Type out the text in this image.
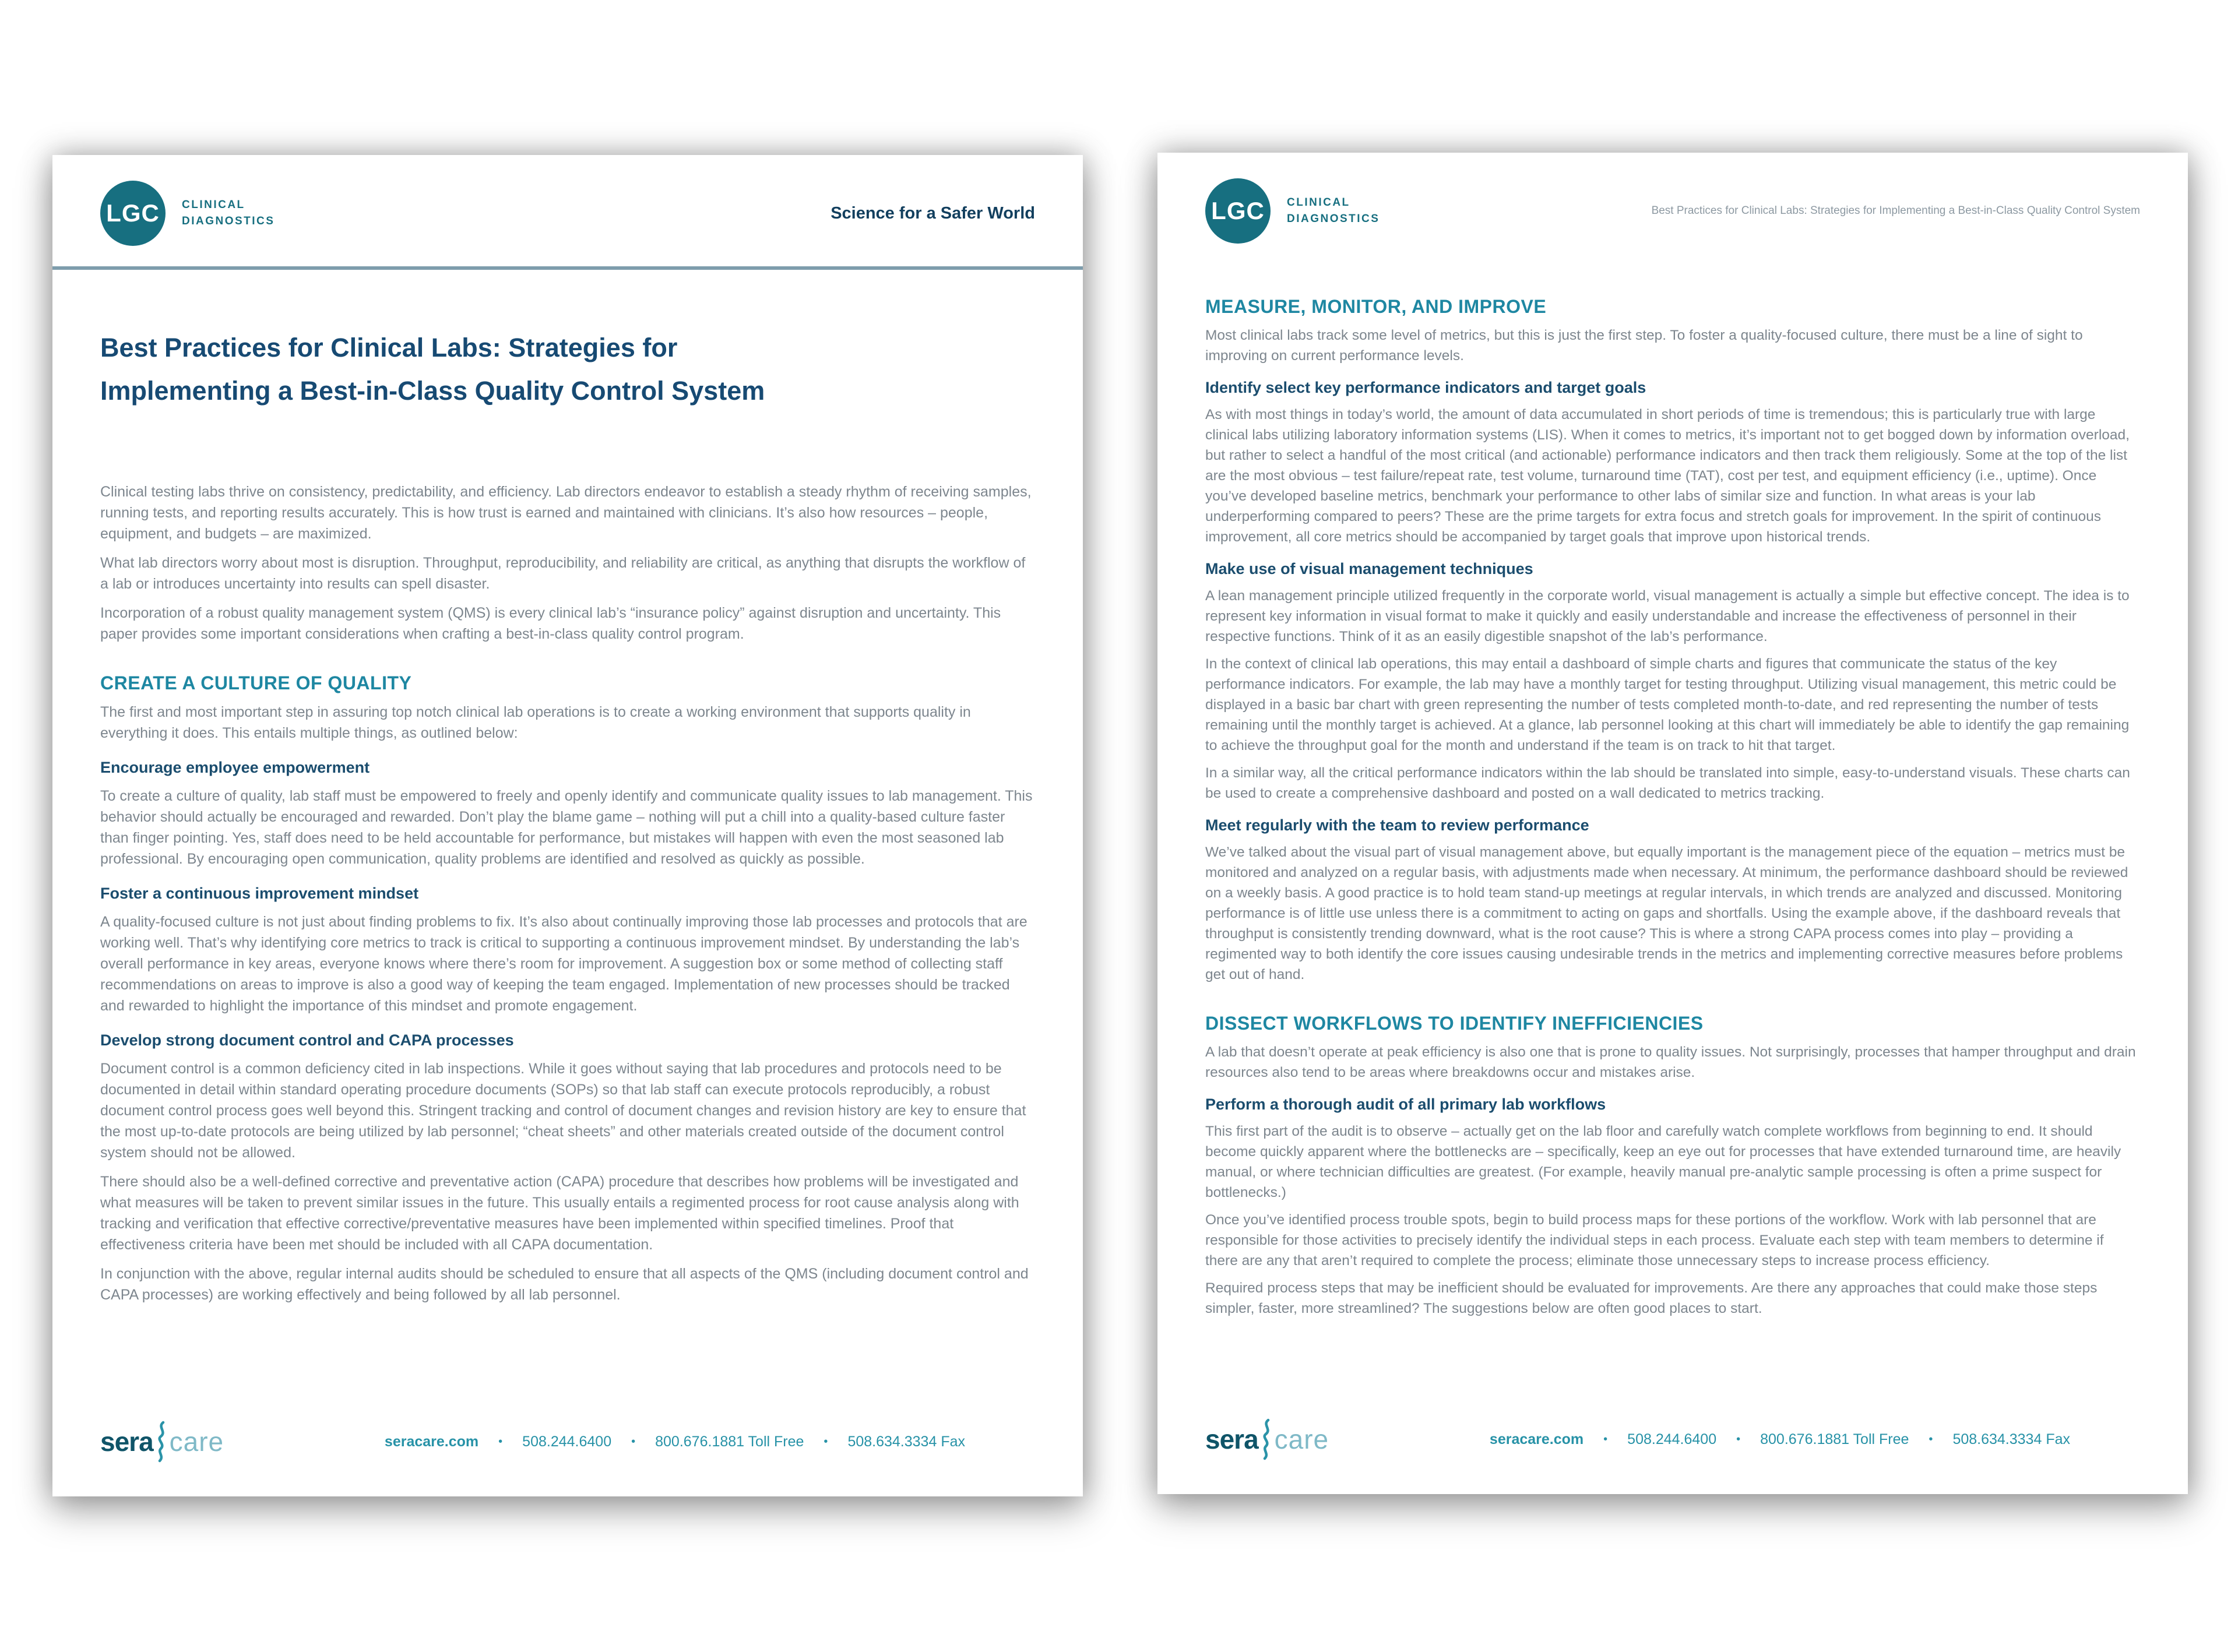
LGC CLINICAL
DIAGNOSTICS	Science for a Safer World
Best Practices for Clinical Labs: Strategies for
Implementing a Best-in-Class Quality Control System

Clinical testing labs thrive on consistency, predictability, and efficiency. Lab directors endeavor to establish a steady rhythm of receiving samples, running tests, and reporting results accurately. This is how trust is earned and maintained with clinicians. It’s also how resources – people, equipment, and budgets – are maximized.

What lab directors worry about most is disruption. Throughput, reproducibility, and reliability are critical, as anything that disrupts the workflow of a lab or introduces uncertainty into results can spell disaster.

Incorporation of a robust quality management system (QMS) is every clinical lab’s “insurance policy” against disruption and uncertainty. This paper provides some important considerations when crafting a best-in-class quality control program.

CREATE A CULTURE OF QUALITY

The first and most important step in assuring top notch clinical lab operations is to create a working environment that supports quality in everything it does. This entails multiple things, as outlined below:

Encourage employee empowerment

To create a culture of quality, lab staff must be empowered to freely and openly identify and communicate quality issues to lab management. This behavior should actually be encouraged and rewarded. Don’t play the blame game – nothing will put a chill into a quality-based culture faster than finger pointing. Yes, staff does need to be held accountable for performance, but mistakes will happen with even the most seasoned lab professional. By encouraging open communication, quality problems are identified and resolved as quickly as possible.

Foster a continuous improvement mindset

A quality-focused culture is not just about finding problems to fix. It’s also about continually improving those lab processes and protocols that are working well. That’s why identifying core metrics to track is critical to supporting a continuous improvement mindset. By understanding the lab’s overall performance in key areas, everyone knows where there’s room for improvement. A suggestion box or some method of collecting staff recommendations on areas to improve is also a good way of keeping the team engaged. Implementation of new processes should be tracked and rewarded to highlight the importance of this mindset and promote engagement.

Develop strong document control and CAPA processes

Document control is a common deficiency cited in lab inspections. While it goes without saying that lab procedures and protocols need to be documented in detail within standard operating procedure documents (SOPs) so that lab staff can execute protocols reproducibly, a robust document control process goes well beyond this. Stringent tracking and control of document changes and revision history are key to ensure that the most up-to-date protocols are being utilized by lab personnel; “cheat sheets” and other materials created outside of the document control system should not be allowed.

There should also be a well-defined corrective and preventative action (CAPA) procedure that describes how problems will be investigated and what measures will be taken to prevent similar issues in the future. This usually entails a regimented process for root cause analysis along with tracking and verification that effective corrective/preventative measures have been implemented within specified timelines. Proof that effectiveness criteria have been met should be included with all CAPA documentation.

In conjunction with the above, regular internal audits should be scheduled to ensure that all aspects of the QMS (including document control and CAPA processes) are working effectively and being followed by all lab personnel.

sera care	seracare.com • 508.244.6400 • 800.676.1881 Toll Free • 508.634.3334 Fax
LGC CLINICAL
DIAGNOSTICS
Best Practices for Clinical Labs: Strategies for Implementing a Best-in-Class Quality Control System
MEASURE, MONITOR, AND IMPROVE

Most clinical labs track some level of metrics, but this is just the first step. To foster a quality-focused culture, there must be a line of sight to improving on current performance levels.

Identify select key performance indicators and target goals

As with most things in today’s world, the amount of data accumulated in short periods of time is tremendous; this is particularly true with large clinical labs utilizing laboratory information systems (LIS). When it comes to metrics, it’s important not to get bogged down by information overload, but rather to select a handful of the most critical (and actionable) performance indicators and then track them religiously. Some at the top of the list are the most obvious – test failure/repeat rate, test volume, turnaround time (TAT), cost per test, and equipment efficiency (i.e., uptime). Once you’ve developed baseline metrics, benchmark your performance to other labs of similar size and function. In what areas is your lab underperforming compared to peers? These are the prime targets for extra focus and stretch goals for improvement. In the spirit of continuous improvement, all core metrics should be accompanied by target goals that improve upon historical trends.

Make use of visual management techniques

A lean management principle utilized frequently in the corporate world, visual management is actually a simple but effective concept. The idea is to represent key information in visual format to make it quickly and easily understandable and increase the effectiveness of personnel in their respective functions. Think of it as an easily digestible snapshot of the lab’s performance.

In the context of clinical lab operations, this may entail a dashboard of simple charts and figures that communicate the status of the key performance indicators. For example, the lab may have a monthly target for testing throughput. Utilizing visual management, this metric could be displayed in a basic bar chart with green representing the number of tests completed month-to-date, and red representing the number of tests remaining until the monthly target is achieved. At a glance, lab personnel looking at this chart will immediately be able to identify the gap remaining to achieve the throughput goal for the month and understand if the team is on track to hit that target.

In a similar way, all the critical performance indicators within the lab should be translated into simple, easy-to-understand visuals. These charts can be used to create a comprehensive dashboard and posted on a wall dedicated to metrics tracking.

Meet regularly with the team to review performance

We’ve talked about the visual part of visual management above, but equally important is the management piece of the equation – metrics must be monitored and analyzed on a regular basis, with adjustments made when necessary. At minimum, the performance dashboard should be reviewed on a weekly basis. A good practice is to hold team stand-up meetings at regular intervals, in which trends are analyzed and discussed. Monitoring performance is of little use unless there is a commitment to acting on gaps and shortfalls. Using the example above, if the dashboard reveals that throughput is consistently trending downward, what is the root cause? This is where a strong CAPA process comes into play – providing a regimented way to both identify the core issues causing undesirable trends in the metrics and implementing corrective measures before problems get out of hand.

DISSECT WORKFLOWS TO IDENTIFY INEFFICIENCIES

A lab that doesn’t operate at peak efficiency is also one that is prone to quality issues. Not surprisingly, processes that hamper throughput and drain resources also tend to be areas where breakdowns occur and mistakes arise.

Perform a thorough audit of all primary lab workflows

This first part of the audit is to observe – actually get on the lab floor and carefully watch complete workflows from beginning to end. It should become quickly apparent where the bottlenecks are – specifically, keep an eye out for processes that have extended turnaround time, are heavily manual, or where technician difficulties are greatest. (For example, heavily manual pre-analytic sample processing is often a prime suspect for bottlenecks.)

Once you’ve identified process trouble spots, begin to build process maps for these portions of the workflow. Work with lab personnel that are responsible for those activities to precisely identify the individual steps in each process. Evaluate each step with team members to determine if there are any that aren’t required to complete the process; eliminate those unnecessary steps to increase process efficiency.

Required process steps that may be inefficient should be evaluated for improvements. Are there any approaches that could make those steps simpler, faster, more streamlined? The suggestions below are often good places to start.

sera care	seracare.com • 508.244.6400 • 800.676.1881 Toll Free • 508.634.3334 Fax
